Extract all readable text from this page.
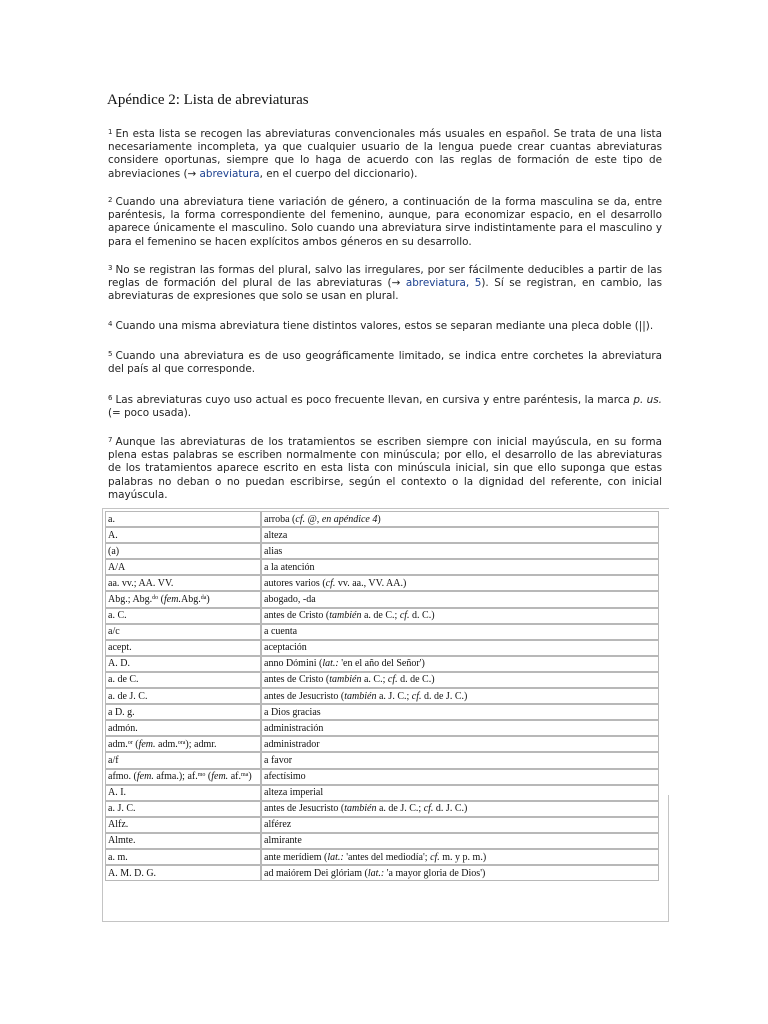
Apéndice 2: Lista de abreviaturas

$^1$ En esta lista se recogen las abreviaturas convencionales más usuales en español. Se trata de una lista necesariamente incompleta, ya que cualquier usuario de la lengua puede crear cuantas abreviaturas considere oportunas, siempre que lo haga de acuerdo con las reglas de formación de este tipo de abreviaciones (→ abreviatura, en el cuerpo del diccionario).

$^2$ Cuando una abreviatura tiene variación de género, a continuación de la forma masculina se da, entre paréntesis, la forma correspondiente del femenino, aunque, para economizar espacio, en el desarrollo aparece únicamente el masculino. Solo cuando una abreviatura sirve indistintamente para el masculino y para el femenino se hacen explícitos ambos géneros en su desarrollo.

$^3$ No se registran las formas del plural, salvo las irregulares, por ser fácilmente deducibles a partir de las reglas de formación del plural de las abreviaturas (→ abreviatura, 5). Sí se registran, en cambio, las abreviaturas de expresiones que solo se usan en plural.

$^4$ Cuando una misma abreviatura tiene distintos valores, estos se separan mediante una pleca doble (||).

$^5$ Cuando una abreviatura es de uso geográficamente limitado, se indica entre corchetes la abreviatura del país al que corresponde.

$^6$ Las abreviaturas cuyo uso actual es poco frecuente llevan, en cursiva y entre paréntesis, la marca p. us. (= poco usada).

$^7$ Aunque las abreviaturas de los tratamientos se escriben siempre con inicial mayúscula, en su forma plena estas palabras se escriben normalmente con minúscula; por ello, el desarrollo de las abreviaturas de los tratamientos aparece escrito en esta lista con minúscula inicial, sin que ello suponga que estas palabras no deban o no puedan escribirse, según el contexto o la dignidad del referente, con inicial mayúscula.

a.	arroba (cf. @, en apéndice 4)
A.	alteza
(a)	alias
A/A	a la atención
aa. vv.; AA. VV.	autores varios (cf. vv. aa., VV. AA.)
Abg.; Abg.$^{do}$ (fem.Abg.$^{da}$)	abogado, -da
a. C.	antes de Cristo (también a. de C.; cf. d. C.)
a/c	a cuenta
acept.	aceptación
A. D.	anno Dómini (lat.: 'en el año del Señor')
a. de C.	antes de Cristo (también a. C.; cf. d. de C.)
a. de J. C.	antes de Jesucristo (también a. J. C.; cf. d. de J. C.)
a D. g.	a Dios gracias
admón.	administración
adm.$^{or}$ (fem. adm.$^{ora}$); admr.	administrador
a/f	a favor
afmo. (fem. afma.); af.$^{mo}$ (fem. af.$^{ma}$)	afectísimo
A. I.	alteza imperial
a. J. C.	antes de Jesucristo (también a. de J. C.; cf. d. J. C.)
Alfz.	alférez
Almte.	almirante
a. m.	ante merídiem (lat.: 'antes del mediodía'; cf. m. y p. m.)
A. M. D. G.	ad maiórem Dei glóriam (lat.: 'a mayor gloria de Dios')
